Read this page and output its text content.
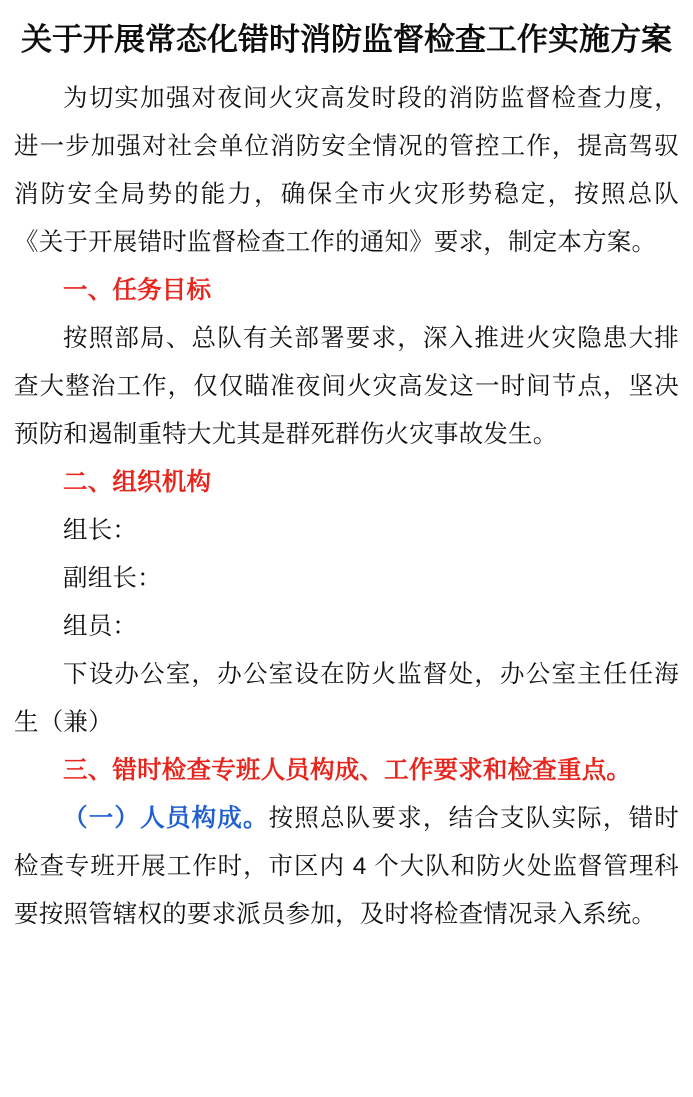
关于开展常态化错时消防监督检查工作实施方案

为切实加强对夜间火灾高发时段的消防监督检查力度，进一步加强对社会单位消防安全情况的管控工作，提高驾驭消防安全局势的能力，确保全市火灾形势稳定，按照总队《关于开展错时监督检查工作的通知》要求，制定本方案。

一、任务目标

按照部局、总队有关部署要求，深入推进火灾隐患大排查大整治工作，仅仅瞄准夜间火灾高发这一时间节点，坚决预防和遏制重特大尤其是群死群伤火灾事故发生。

二、组织机构

组长：

副组长：

组员：

下设办公室，办公室设在防火监督处，办公室主任任海生（兼）

三、错时检查专班人员构成、工作要求和检查重点。

（一）人员构成。按照总队要求，结合支队实际，错时检查专班开展工作时，市区内 4 个大队和防火处监督管理科要按照管辖权的要求派员参加，及时将检查情况录入系统。
